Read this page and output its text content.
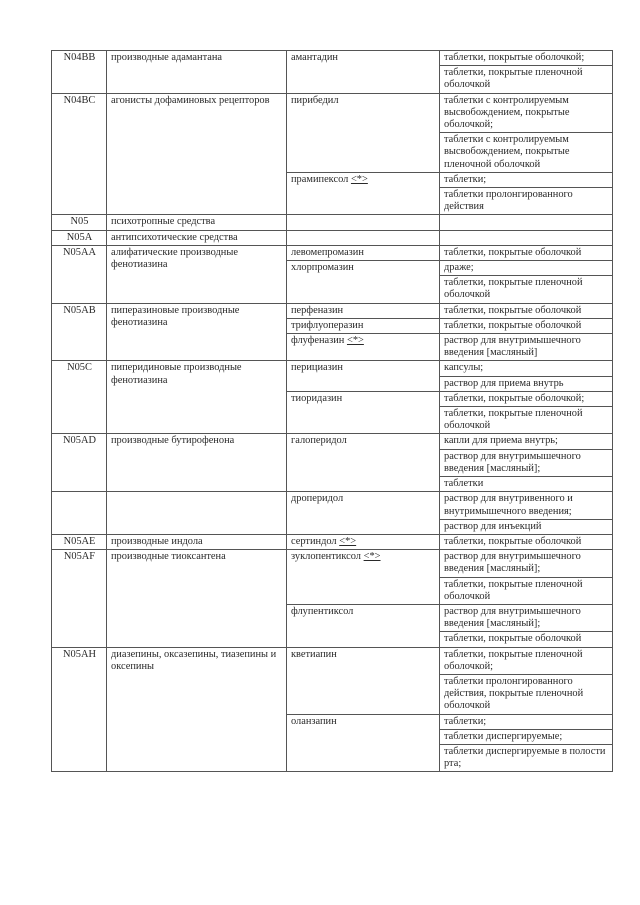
N04BB	производные адамантана	амантадин	таблетки, покрытые оболочкой;
таблетки, покрытые пленочной оболочкой

N04BC	агонисты дофаминовых рецепторов	пирибедил	таблетки с контролируемым высвобождением, покрытые оболочкой;
таблетки с контролируемым высвобождением, покрытые пленочной оболочкой

		прамипексол <*>	таблетки;
таблетки пролонгированного действия

N05	психотропные средства		

N05A	антипсихотические средства		

N05AA	алифатические производные фенотиазина	левомепромазин	таблетки, покрытые оболочкой

		хлорпромазин	драже;
таблетки, покрытые пленочной оболочкой

N05AB	пиперазиновые производные фенотиазина	перфеназин	таблетки, покрытые оболочкой

		трифлуоперазин	таблетки, покрытые оболочкой

		флуфеназин <*>	раствор для внутримышечного введения [масляный]

N05C	пиперидиновые производные фенотиазина	перициазин	капсулы;
раствор для приема внутрь

		тиоридазин	таблетки, покрытые оболочкой;
таблетки, покрытые пленочной оболочкой

N05AD	производные бутирофенона	галоперидол	капли для приема внутрь;
раствор для внутримышечного введения [масляный];
таблетки

		дроперидол	раствор для внутривенного и внутримышечного введения;
раствор для инъекций

N05AE	производные индола	сертиндол <*>	таблетки, покрытые оболочкой

N05AF	производные тиоксантена	зуклопентиксол <*>	раствор для внутримышечного введения [масляный];
таблетки, покрытые пленочной оболочкой

		флупентиксол	раствор для внутримышечного введения [масляный];
таблетки, покрытые оболочкой

N05AH	диазепины, оксазепины, тиазепины и оксепины	кветиапин	таблетки, покрытые пленочной оболочкой;
таблетки пролонгированного действия, покрытые пленочной оболочкой

		оланзапин	таблетки;
таблетки диспергируемые;
таблетки диспергируемые в полости рта;
